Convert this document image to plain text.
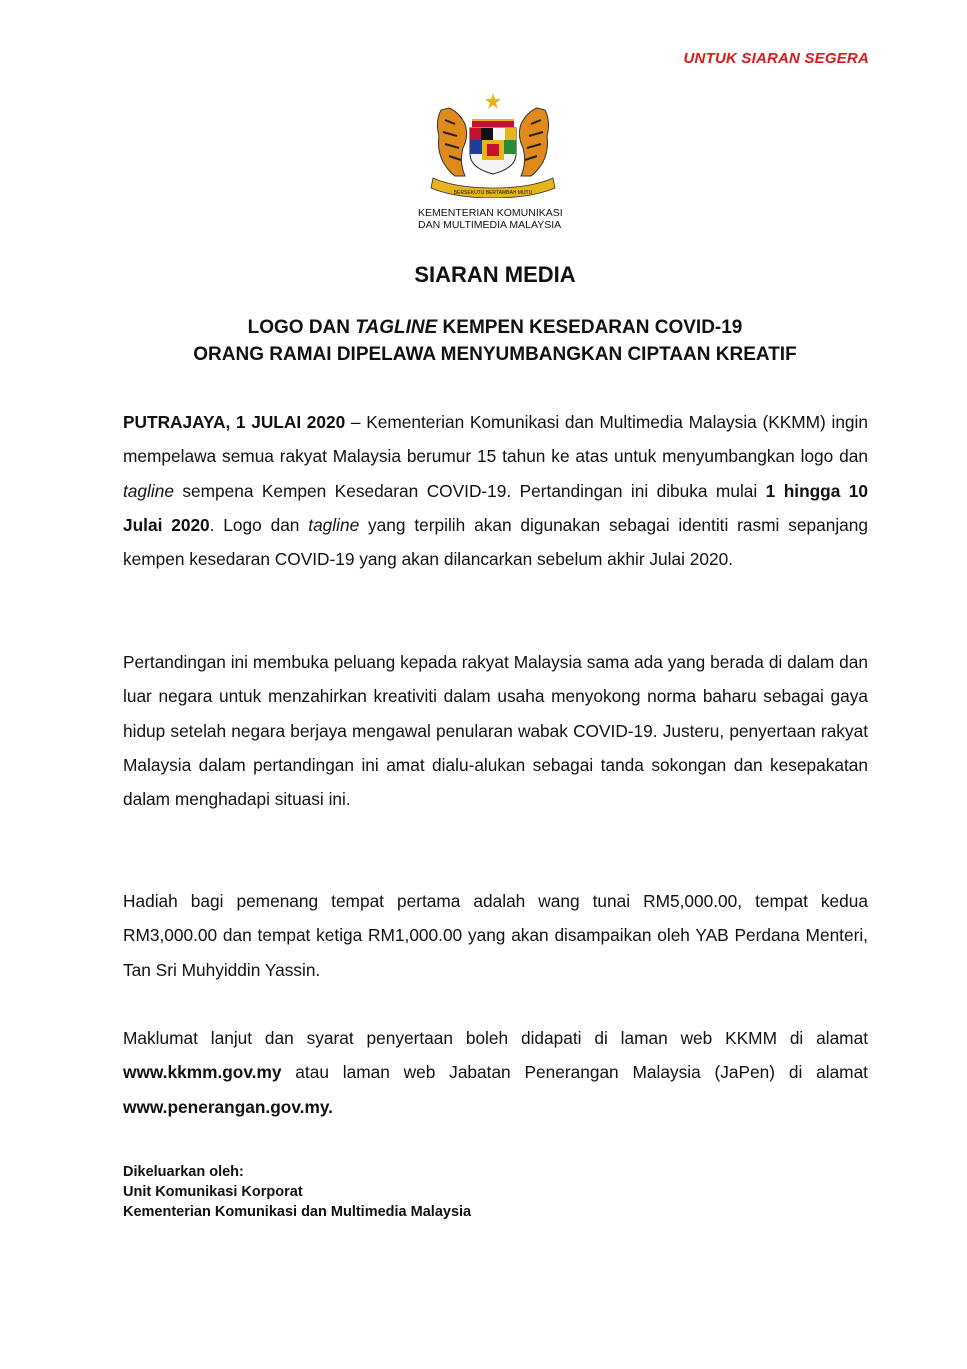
UNTUK SIARAN SEGERA
BERSEKUTU BERTAMBAH MUTU
KEMENTERIAN KOMUNIKASI
DAN MULTIMEDIA MALAYSIA
SIARAN MEDIA
LOGO DAN TAGLINE KEMPEN KESEDARAN COVID-19
ORANG RAMAI DIPELAWA MENYUMBANGKAN CIPTAAN KREATIF

PUTRAJAYA, 1 JULAI 2020 – Kementerian Komunikasi dan Multimedia Malaysia (KKMM) ingin mempelawa semua rakyat Malaysia berumur 15 tahun ke atas untuk menyumbangkan logo dan tagline sempena Kempen Kesedaran COVID-19. Pertandingan ini dibuka mulai 1 hingga 10 Julai 2020. Logo dan tagline yang terpilih akan digunakan sebagai identiti rasmi sepanjang kempen kesedaran COVID-19 yang akan dilancarkan sebelum akhir Julai 2020.

Pertandingan ini membuka peluang kepada rakyat Malaysia sama ada yang berada di dalam dan luar negara untuk menzahirkan kreativiti dalam usaha menyokong norma baharu sebagai gaya hidup setelah negara berjaya mengawal penularan wabak COVID-19. Justeru, penyertaan rakyat Malaysia dalam pertandingan ini amat dialu-alukan sebagai tanda sokongan dan kesepakatan dalam menghadapi situasi ini.

Hadiah bagi pemenang tempat pertama adalah wang tunai RM5,000.00, tempat kedua RM3,000.00 dan tempat ketiga RM1,000.00 yang akan disampaikan oleh YAB Perdana Menteri, Tan Sri Muhyiddin Yassin.

Maklumat lanjut dan syarat penyertaan boleh didapati di laman web KKMM di alamat www.kkmm.gov.my atau laman web Jabatan Penerangan Malaysia (JaPen) di alamat www.penerangan.gov.my.

Dikeluarkan oleh:
Unit Komunikasi Korporat
Kementerian Komunikasi dan Multimedia Malaysia
